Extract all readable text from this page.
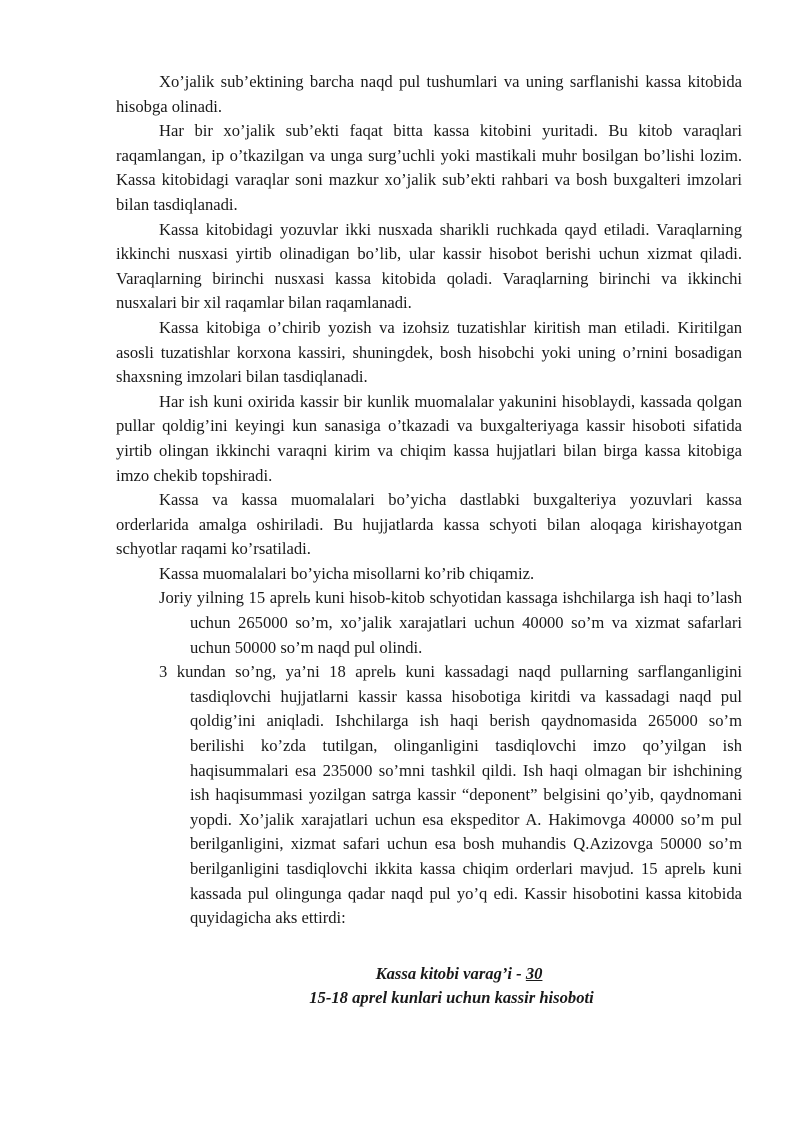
Xo’jalik sub’ektining barcha naqd pul tushumlari va uning sarflanishi kassa kitobida hisobga olinadi.

Har bir xo’jalik sub’ekti faqat bitta kassa kitobini yuritadi. Bu kitob varaqlari raqamlangan, ip o’tkazilgan va unga surg’uchli yoki mastikali muhr bosilgan bo’lishi lozim. Kassa kitobidagi varaqlar soni mazkur xo’jalik sub’ekti rahbari va bosh buxgalteri imzolari bilan tasdiqlanadi.

Kassa kitobidagi yozuvlar ikki nusxada sharikli ruchkada qayd etiladi. Varaqlarning ikkinchi nusxasi yirtib olinadigan bo’lib, ular kassir hisobot berishi uchun xizmat qiladi. Varaqlarning birinchi nusxasi kassa kitobida qoladi. Varaqlarning birinchi va ikkinchi nusxalari bir xil raqamlar bilan raqamlanadi.

Kassa kitobiga o’chirib yozish va izohsiz tuzatishlar kiritish man etiladi. Kiritilgan asosli tuzatishlar korxona kassiri, shuningdek, bosh hisobchi yoki uning o’rnini bosadigan shaxsning imzolari bilan tasdiqlanadi.

Har ish kuni oxirida kassir bir kunlik muomalalar yakunini hisoblaydi, kassada qolgan pullar qoldig’ini keyingi kun sanasiga o’tkazadi va buxgalteriyaga kassir hisoboti sifatida yirtib olingan ikkinchi varaqni kirim va chiqim kassa hujjatlari bilan birga kassa kitobiga imzo chekib topshiradi.

Kassa va kassa muomalalari bo’yicha dastlabki buxgalteriya yozuvlari kassa orderlarida amalga oshiriladi. Bu hujjatlarda kassa schyoti bilan aloqaga kirishayotgan schyotlar raqami ko’rsatiladi.

Kassa muomalalari bo’yicha misollarni ko’rib chiqamiz.

Joriy yilning 15 aprelь kuni hisob-kitob schyotidan kassaga ishchilarga ish haqi to’lash uchun 265000 so’m, xo’jalik xarajatlari uchun 40000 so’m va xizmat safarlari uchun 50000 so’m naqd pul olindi.

3 kundan so’ng, ya’ni 18 aprelь kuni kassadagi naqd pullarning sarflanganligini tasdiqlovchi hujjatlarni kassir kassa hisobotiga kiritdi va kassadagi naqd pul qoldig’ini aniqladi. Ishchilarga ish haqi berish qaydnomasida 265000 so’m berilishi ko’zda tutilgan, olinganligini tasdiqlovchi imzo qo’yilgan ish haqisummalari esa 235000 so’mni tashkil qildi. Ish haqi olmagan bir ishchining ish haqisummasi yozilgan satrga kassir “deponent” belgisini qo’yib, qaydnomani yopdi. Xo’jalik xarajatlari uchun esa ekspeditor A. Hakimovga 40000 so’m pul berilganligini, xizmat safari uchun esa bosh muhandis Q.Azizovga 50000 so’m berilganligini tasdiqlovchi ikkita kassa chiqim orderlari mavjud. 15 aprelь kuni kassada pul olingunga qadar naqd pul yo’q edi. Kassir hisobotini kassa kitobida quyidagicha aks ettirdi:

Kassa kitobi varag’i - 30

15-18 aprel kunlari uchun kassir hisoboti
